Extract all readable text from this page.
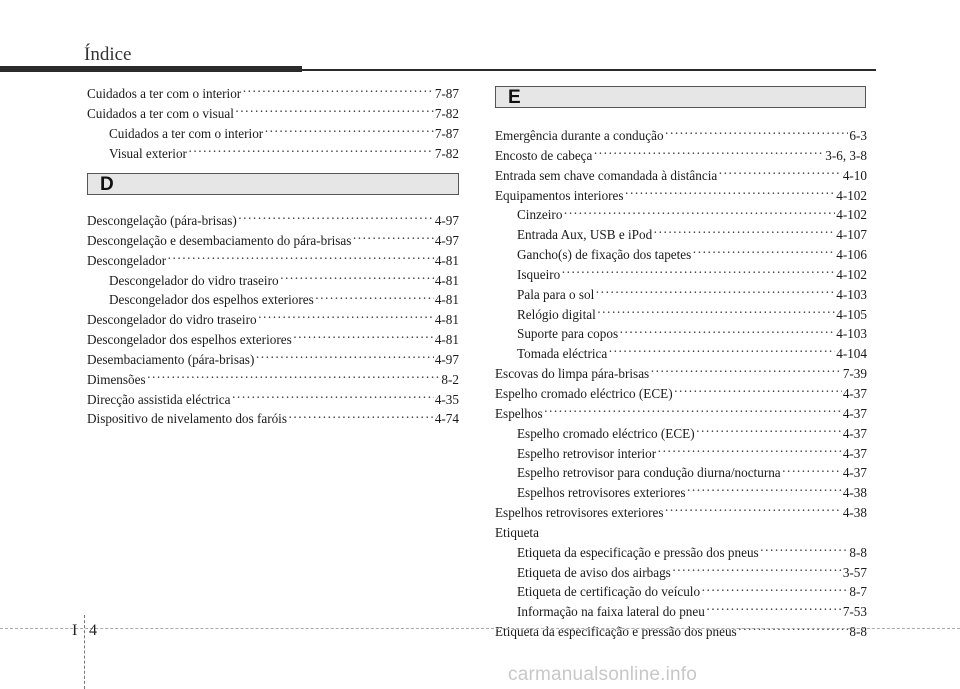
Índice
Cuidados a ter com o interior ·····	7-87
Cuidados a ter com o visual ·····	7-82
Cuidados a ter com o interior ·····	7-87
Visual exterior ·····	7-82
D
Descongelação (pára-brisas) ·····	4-97
Descongelação e desembaciamento do pára-brisas ·····	4-97
Descongelador ·····	4-81
Descongelador do vidro traseiro ·····	4-81
Descongelador dos espelhos exteriores ·····	4-81
Descongelador do vidro traseiro ·····	4-81
Descongelador dos espelhos exteriores ·····	4-81
Desembaciamento (pára-brisas) ·····	4-97
Dimensões ·····	8-2
Direcção assistida eléctrica ·····	4-35
Dispositivo de nivelamento dos faróis ·····	4-74
E
Emergência durante a condução ·····	6-3
Encosto de cabeça ·····	3-6, 3-8
Entrada sem chave comandada à distância ·····	4-10
Equipamentos interiores ·····	4-102
Cinzeiro ·····	4-102
Entrada Aux, USB e iPod ·····	4-107
Gancho(s) de fixação dos tapetes ·····	4-106
Isqueiro ·····	4-102
Pala para o sol ·····	4-103
Relógio digital ·····	4-105
Suporte para copos ·····	4-103
Tomada eléctrica ·····	4-104
Escovas do limpa pára-brisas ·····	7-39
Espelho cromado eléctrico (ECE) ·····	4-37
Espelhos ·····	4-37
Espelho cromado eléctrico (ECE) ·····	4-37
Espelho retrovisor interior ·····	4-37
Espelho retrovisor para condução diurna/nocturna ·····	4-37
Espelhos retrovisores exteriores ·····	4-38
Espelhos retrovisores exteriores ·····	4-38
Etiqueta
Etiqueta da especificação e pressão dos pneus ·····	8-8
Etiqueta de aviso dos airbags ·····	3-57
Etiqueta de certificação do veículo ·····	8-7
Informação na faixa lateral do pneu ·····	7-53
Etiqueta da especificação e pressão dos pneus ·····	8-8
I 4
carmanualsonline.info
